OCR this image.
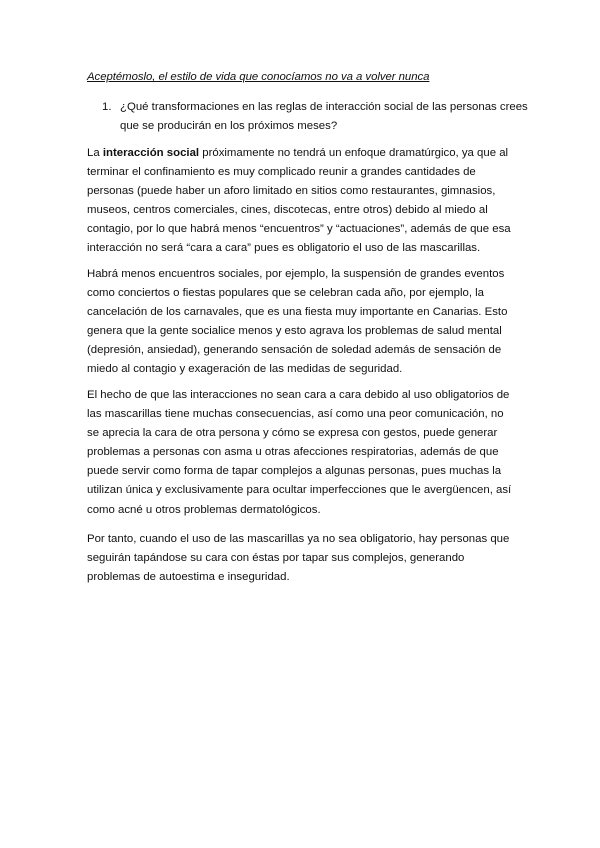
Aceptémoslo, el estilo de vida que conocíamos no va a volver nunca
1. ¿Qué transformaciones en las reglas de interacción social de las personas crees que se producirán en los próximos meses?

La interacción social próximamente no tendrá un enfoque dramatúrgico, ya que al terminar el confinamiento es muy complicado reunir a grandes cantidades de personas (puede haber un aforo limitado en sitios como restaurantes, gimnasios, museos, centros comerciales, cines, discotecas, entre otros) debido al miedo al contagio, por lo que habrá menos “encuentros” y “actuaciones”, además de que esa interacción no será “cara a cara” pues es obligatorio el uso de las mascarillas.

Habrá menos encuentros sociales, por ejemplo, la suspensión de grandes eventos como conciertos o fiestas populares que se celebran cada año, por ejemplo, la cancelación de los carnavales, que es una fiesta muy importante en Canarias. Esto genera que la gente socialice menos y esto agrava los problemas de salud mental (depresión, ansiedad), generando sensación de soledad además de sensación de miedo al contagio y exageración de las medidas de seguridad.

El hecho de que las interacciones no sean cara a cara debido al uso obligatorios de las mascarillas tiene muchas consecuencias, así como una peor comunicación, no se aprecia la cara de otra persona y cómo se expresa con gestos, puede generar problemas a personas con asma u otras afecciones respiratorias, además de que puede servir como forma de tapar complejos a algunas personas, pues muchas la utilizan única y exclusivamente para ocultar imperfecciones que le avergüencen, así como acné u otros problemas dermatológicos.

Por tanto, cuando el uso de las mascarillas ya no sea obligatorio, hay personas que seguirán tapándose su cara con éstas por tapar sus complejos, generando problemas de autoestima e inseguridad.
